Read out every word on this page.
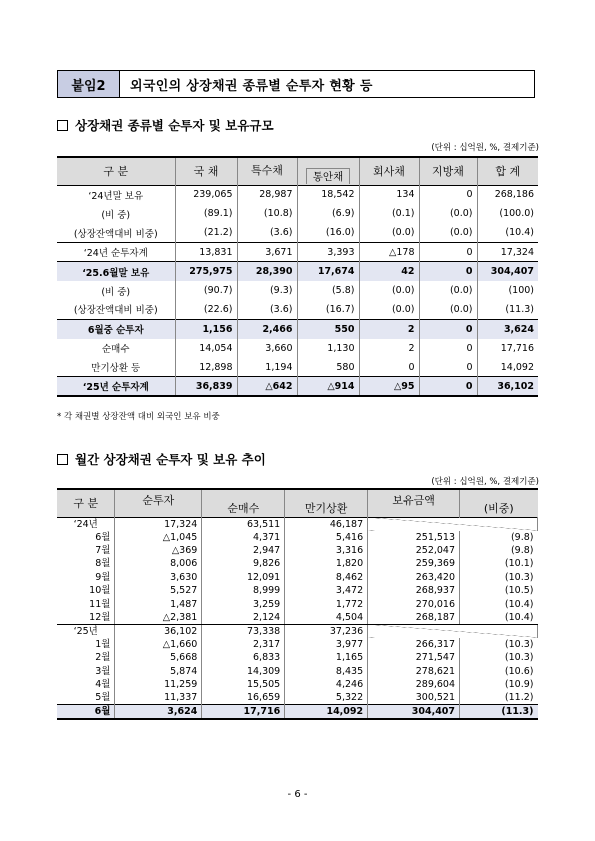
붙임2	외국인의 상장채권 종류별 순투자 현황 등
상장채권 종류별 순투자 및 보유규모
(단위 : 십억원, %, 결제기준)
구 분	국 채	특수채	통안채	회사채	지방채	합 계
‘24년말 보유	239,065	28,987	18,542	134	0	268,186
(비 중)	(89.1)	(10.8)	(6.9)	(0.1)	(0.0)	(100.0)
(상장잔액대비 비중)	(21.2)	(3.6)	(16.0)	(0.0)	(0.0)	(10.4)
‘24년 순투자계	13,831	3,671	3,393	△178	0	17,324
‘25.6월말 보유	275,975	28,390	17,674	42	0	304,407
(비 중)	(90.7)	(9.3)	(5.8)	(0.0)	(0.0)	(100)
(상장잔액대비 비중)	(22.6)	(3.6)	(16.7)	(0.0)	(0.0)	(11.3)
6월중 순투자	1,156	2,466	550	2	0	3,624
순매수	14,054	3,660	1,130	2	0	17,716
만기상환 등	12,898	1,194	580	0	0	14,092
‘25년 순투자계	36,839	△642	△914	△95	0	36,102
* 각 채권별 상장잔액 대비 외국인 보유 비중
월간 상장채권 순투자 및 보유 추이
(단위 : 십억원, %, 결제기준)
구 분	순투자	순매수	만기상환	보유금액	(비중)
‘24년	17,324	63,511	46,187		
6월	△1,045	4,371	5,416	251,513	(9.8)
7월	△369	2,947	3,316	252,047	(9.8)
8월	8,006	9,826	1,820	259,369	(10.1)
9월	3,630	12,091	8,462	263,420	(10.3)
10월	5,527	8,999	3,472	268,937	(10.5)
11월	1,487	3,259	1,772	270,016	(10.4)
12월	△2,381	2,124	4,504	268,187	(10.4)
‘25년	36,102	73,338	37,236		
1월	△1,660	2,317	3,977	266,317	(10.3)
2월	5,668	6,833	1,165	271,547	(10.3)
3월	5,874	14,309	8,435	278,621	(10.6)
4월	11,259	15,505	4,246	289,604	(10.9)
5월	11,337	16,659	5,322	300,521	(11.2)
6월	3,624	17,716	14,092	304,407	(11.3)
- 6 -
